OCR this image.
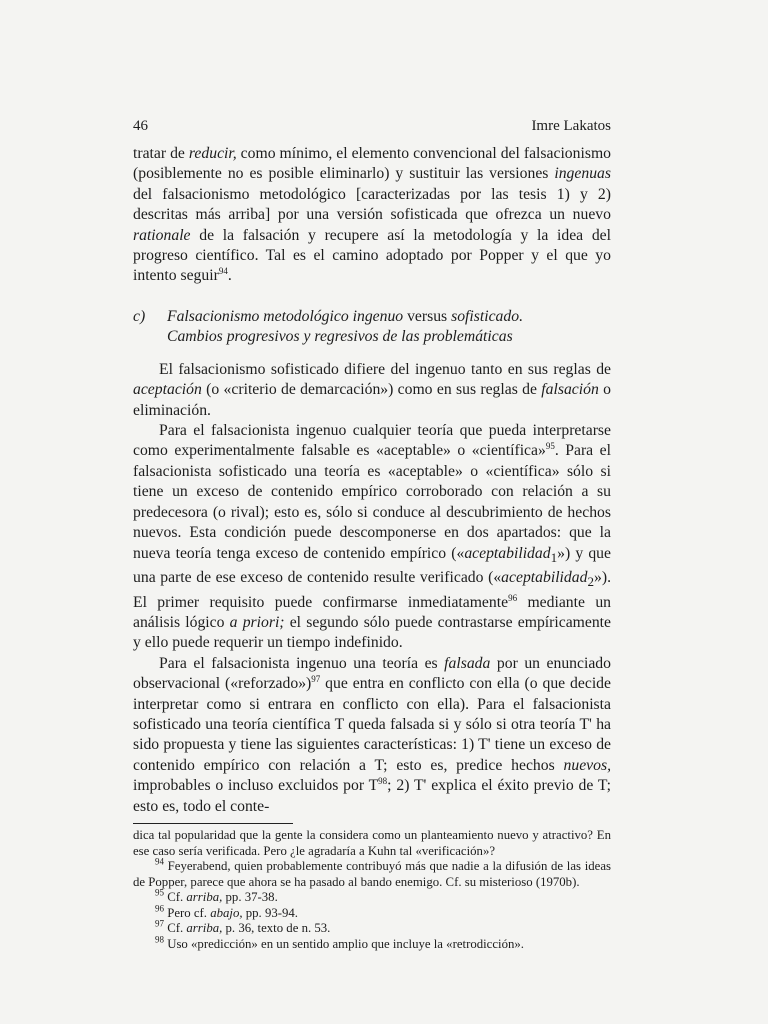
46	Imre Lakatos

tratar de reducir, como mínimo, el elemento convencional del falsacionismo (posiblemente no es posible eliminarlo) y sustituir las versiones ingenuas del falsacionismo metodológico [caracterizadas por las tesis 1) y 2) descritas más arriba] por una versión sofisticada que ofrezca un nuevo rationale de la falsación y recupere así la metodología y la idea del progreso científico. Tal es el camino adoptado por Popper y el que yo intento seguir$^{94}$.

c) Falsacionismo metodológico ingenuo versus sofisticado.
Cambios progresivos y regresivos de las problemáticas

El falsacionismo sofisticado difiere del ingenuo tanto en sus reglas de aceptación (o «criterio de demarcación») como en sus reglas de falsación o eliminación.

Para el falsacionista ingenuo cualquier teoría que pueda interpretarse como experimentalmente falsable es «aceptable» o «científica»$^{95}$. Para el falsacionista sofisticado una teoría es «aceptable» o «científica» sólo si tiene un exceso de contenido empírico corroborado con relación a su predecesora (o rival); esto es, sólo si conduce al descubrimiento de hechos nuevos. Esta condición puede descomponerse en dos apartados: que la nueva teoría tenga exceso de contenido empírico («aceptabilidad$_1$») y que una parte de ese exceso de contenido resulte verificado («aceptabilidad$_2$»). El primer requisito puede confirmarse inmediatamente$^{96}$ mediante un análisis lógico a priori; el segundo sólo puede contrastarse empíricamente y ello puede requerir un tiempo indefinido.

Para el falsacionista ingenuo una teoría es falsada por un enunciado observacional («reforzado»)$^{97}$ que entra en conflicto con ella (o que decide interpretar como si entrara en conflicto con ella). Para el falsacionista sofisticado una teoría científica T queda falsada si y sólo si otra teoría T' ha sido propuesta y tiene las siguientes características: 1) T' tiene un exceso de contenido empírico con relación a T; esto es, predice hechos nuevos, improbables o incluso excluidos por $T^{98}$; 2) T' explica el éxito previo de T; esto es, todo el conte-

dica tal popularidad que la gente la considera como un planteamiento nuevo y atractivo? En ese caso sería verificada. Pero ¿le agradaría a Kuhn tal «verificación»?

$^{94}$ Feyerabend, quien probablemente contribuyó más que nadie a la difusión de las ideas de Popper, parece que ahora se ha pasado al bando enemigo. Cf. su misterioso (1970b).

$^{95}$ Cf. arriba, pp. 37-38.

$^{96}$ Pero cf. abajo, pp. 93-94.

$^{97}$ Cf. arriba, p. 36, texto de n. 53.

$^{98}$ Uso «predicción» en un sentido amplio que incluye la «retrodicción».
